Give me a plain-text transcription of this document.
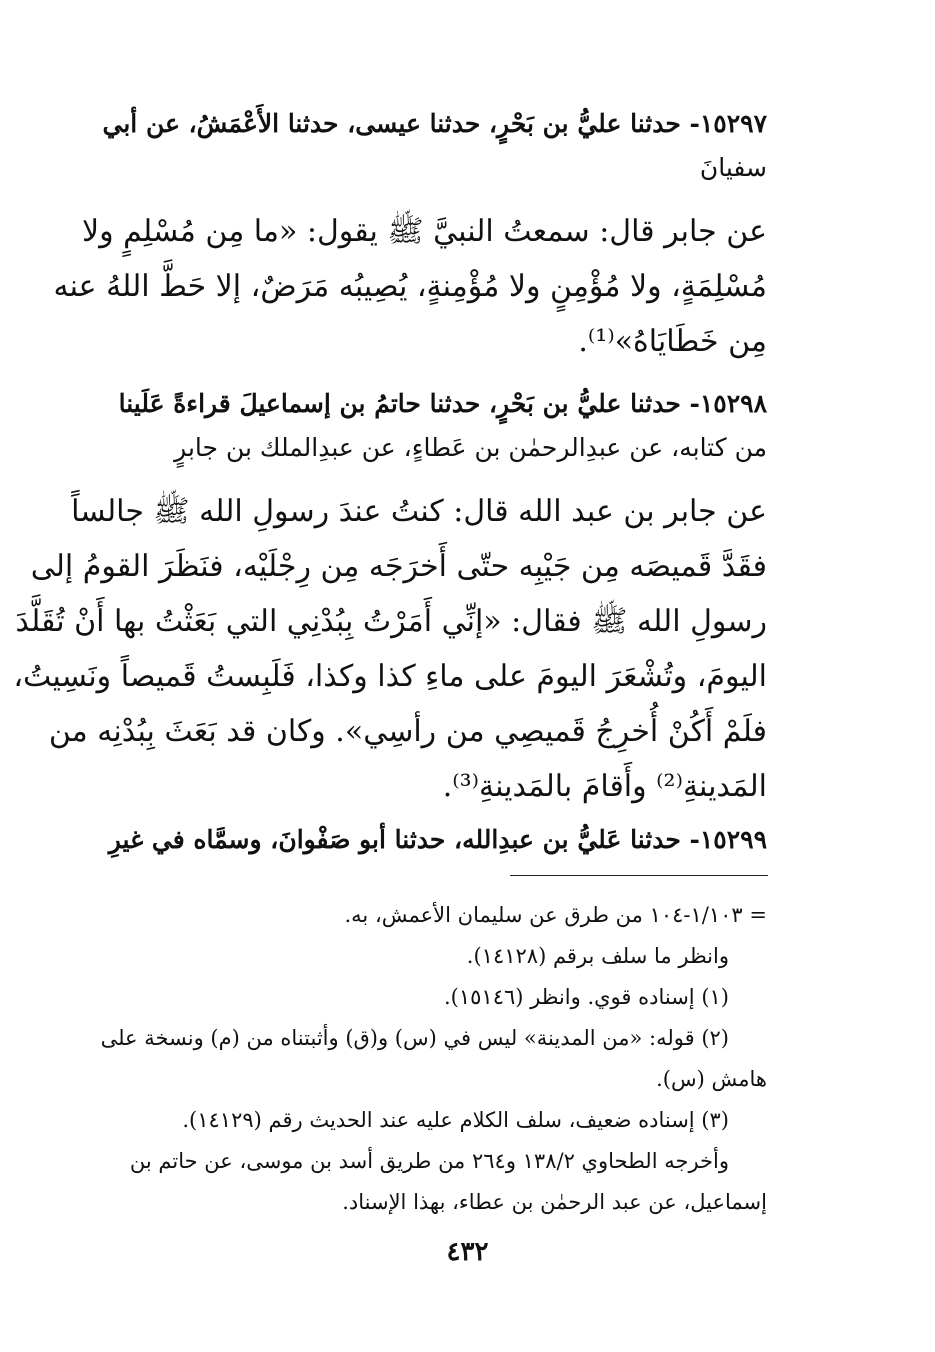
١٥٢٩٧- حدثنا عليُّ بن بَحْرٍ، حدثنا عيسى، حدثنا الأَعْمَشُ، عن أبي
سفيانَ
عن جابر قال: سمعتُ النبيَّ ﷺ يقول: «ما مِن مُسْلِمٍ ولا
مُسْلِمَةٍ، ولا مُؤْمِنٍ ولا مُؤْمِنةٍ، يُصِيبُه مَرَضٌ، إلا حَطَّ اللهُ عنه
مِن خَطَايَاهُ»⁽¹⁾.
١٥٢٩٨- حدثنا عليُّ بن بَحْرٍ، حدثنا حاتمُ بن إسماعيلَ قراءةً عَلَينا
من كتابه، عن عبدِالرحمٰن بن عَطاءٍ، عن عبدِالملك بن جابرٍ
عن جابر بن عبد الله قال: كنتُ عندَ رسولِ الله ﷺ جالساً
فقَدَّ قَميصَه مِن جَيْبِه حتّى أَخرَجَه مِن رِجْلَيْه، فنَظَرَ القومُ إلى
رسولِ الله ﷺ فقال: «إنِّي أَمَرْتُ بِبُدْنِي التي بَعَثْتُ بها أَنْ تُقَلَّدَ
اليومَ، وتُشْعَرَ اليومَ على ماءِ كذا وكذا، فَلَبِستُ قَميصاً ونَسِيتُ،
فلَمْ أَكُنْ أُخرِجُ قَميصِي من رأسِي». وكان قد بَعَثَ بِبُدْنِه من
المَدينةِ⁽²⁾ وأَقامَ بالمَدينةِ⁽³⁾.
١٥٢٩٩- حدثنا عَليُّ بن عبدِالله، حدثنا أبو صَفْوانَ، وسمَّاه في غيرِ
= ١/١٠٣-١٠٤ من طرق عن سليمان الأعمش، به.
وانظر ما سلف برقم (١٤١٢٨).
(١) إسناده قوي. وانظر (١٥١٤٦).
(٢) قوله: «من المدينة» ليس في (س) و(ق) وأثبتناه من (م) ونسخة على
هامش (س).
(٣) إسناده ضعيف، سلف الكلام عليه عند الحديث رقم (١٤١٢٩).
وأخرجه الطحاوي ١٣٨/٢ و٢٦٤ من طريق أسد بن موسى، عن حاتم بن
إسماعيل، عن عبد الرحمٰن بن عطاء، بهذا الإسناد.
٤٣٢
